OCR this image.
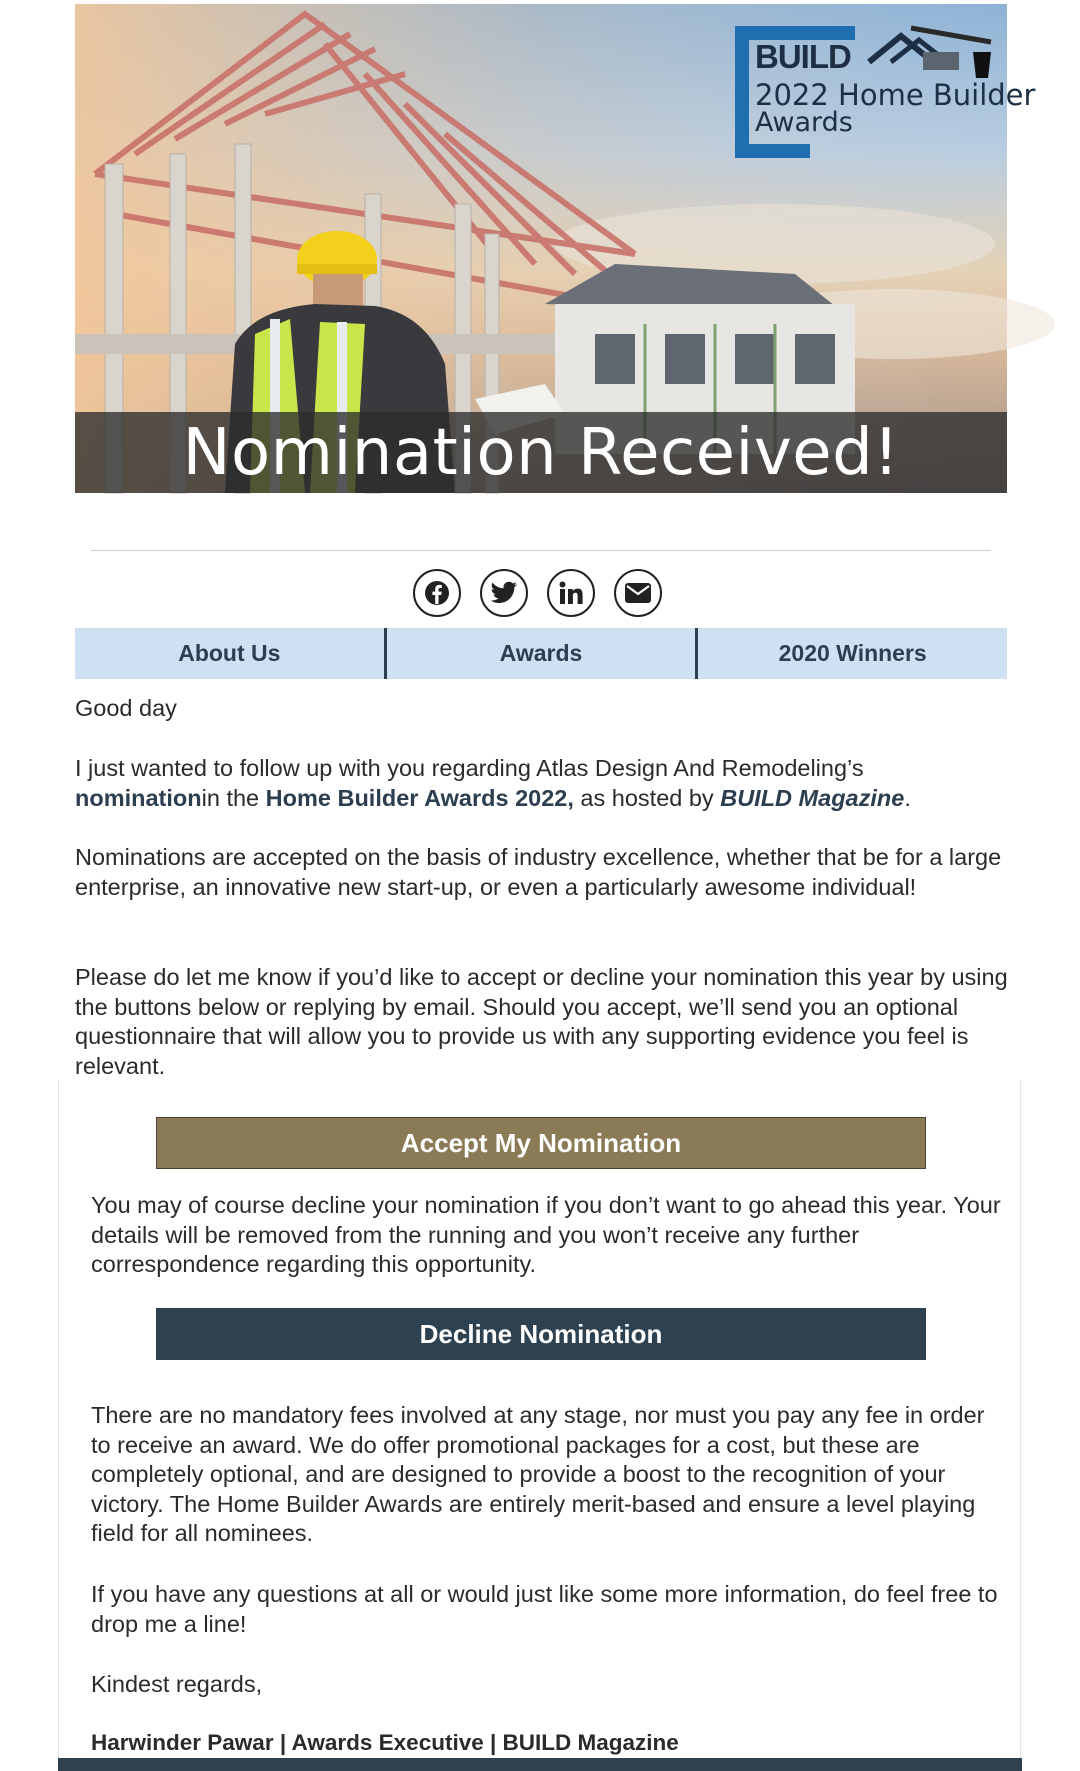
BUILD
2022 Home Builder
Awards
Nomination Received!
About Us	Awards	2020 Winners
Good day
I just wanted to follow up with you regarding Atlas Design And Remodeling’s
nominationin the Home Builder Awards 2022, as hosted by BUILD Magazine.
Nominations are accepted on the basis of industry excellence, whether that be for a large enterprise, an innovative new start-up, or even a particularly awesome individual!
Please do let me know if you’d like to accept or decline your nomination this year by using the buttons below or replying by email. Should you accept, we’ll send you an optional questionnaire that will allow you to provide us with any supporting evidence you feel is relevant.
Accept My Nomination
You may of course decline your nomination if you don’t want to go ahead this year. Your details will be removed from the running and you won’t receive any further correspondence regarding this opportunity.
Decline Nomination
There are no mandatory fees involved at any stage, nor must you pay any fee in order to receive an award. We do offer promotional packages for a cost, but these are completely optional, and are designed to provide a boost to the recognition of your victory. The Home Builder Awards are entirely merit-based and ensure a level playing field for all nominees.
If you have any questions at all or would just like some more information, do feel free to drop me a line!
Kindest regards,
Harwinder Pawar | Awards Executive | BUILD Magazine
